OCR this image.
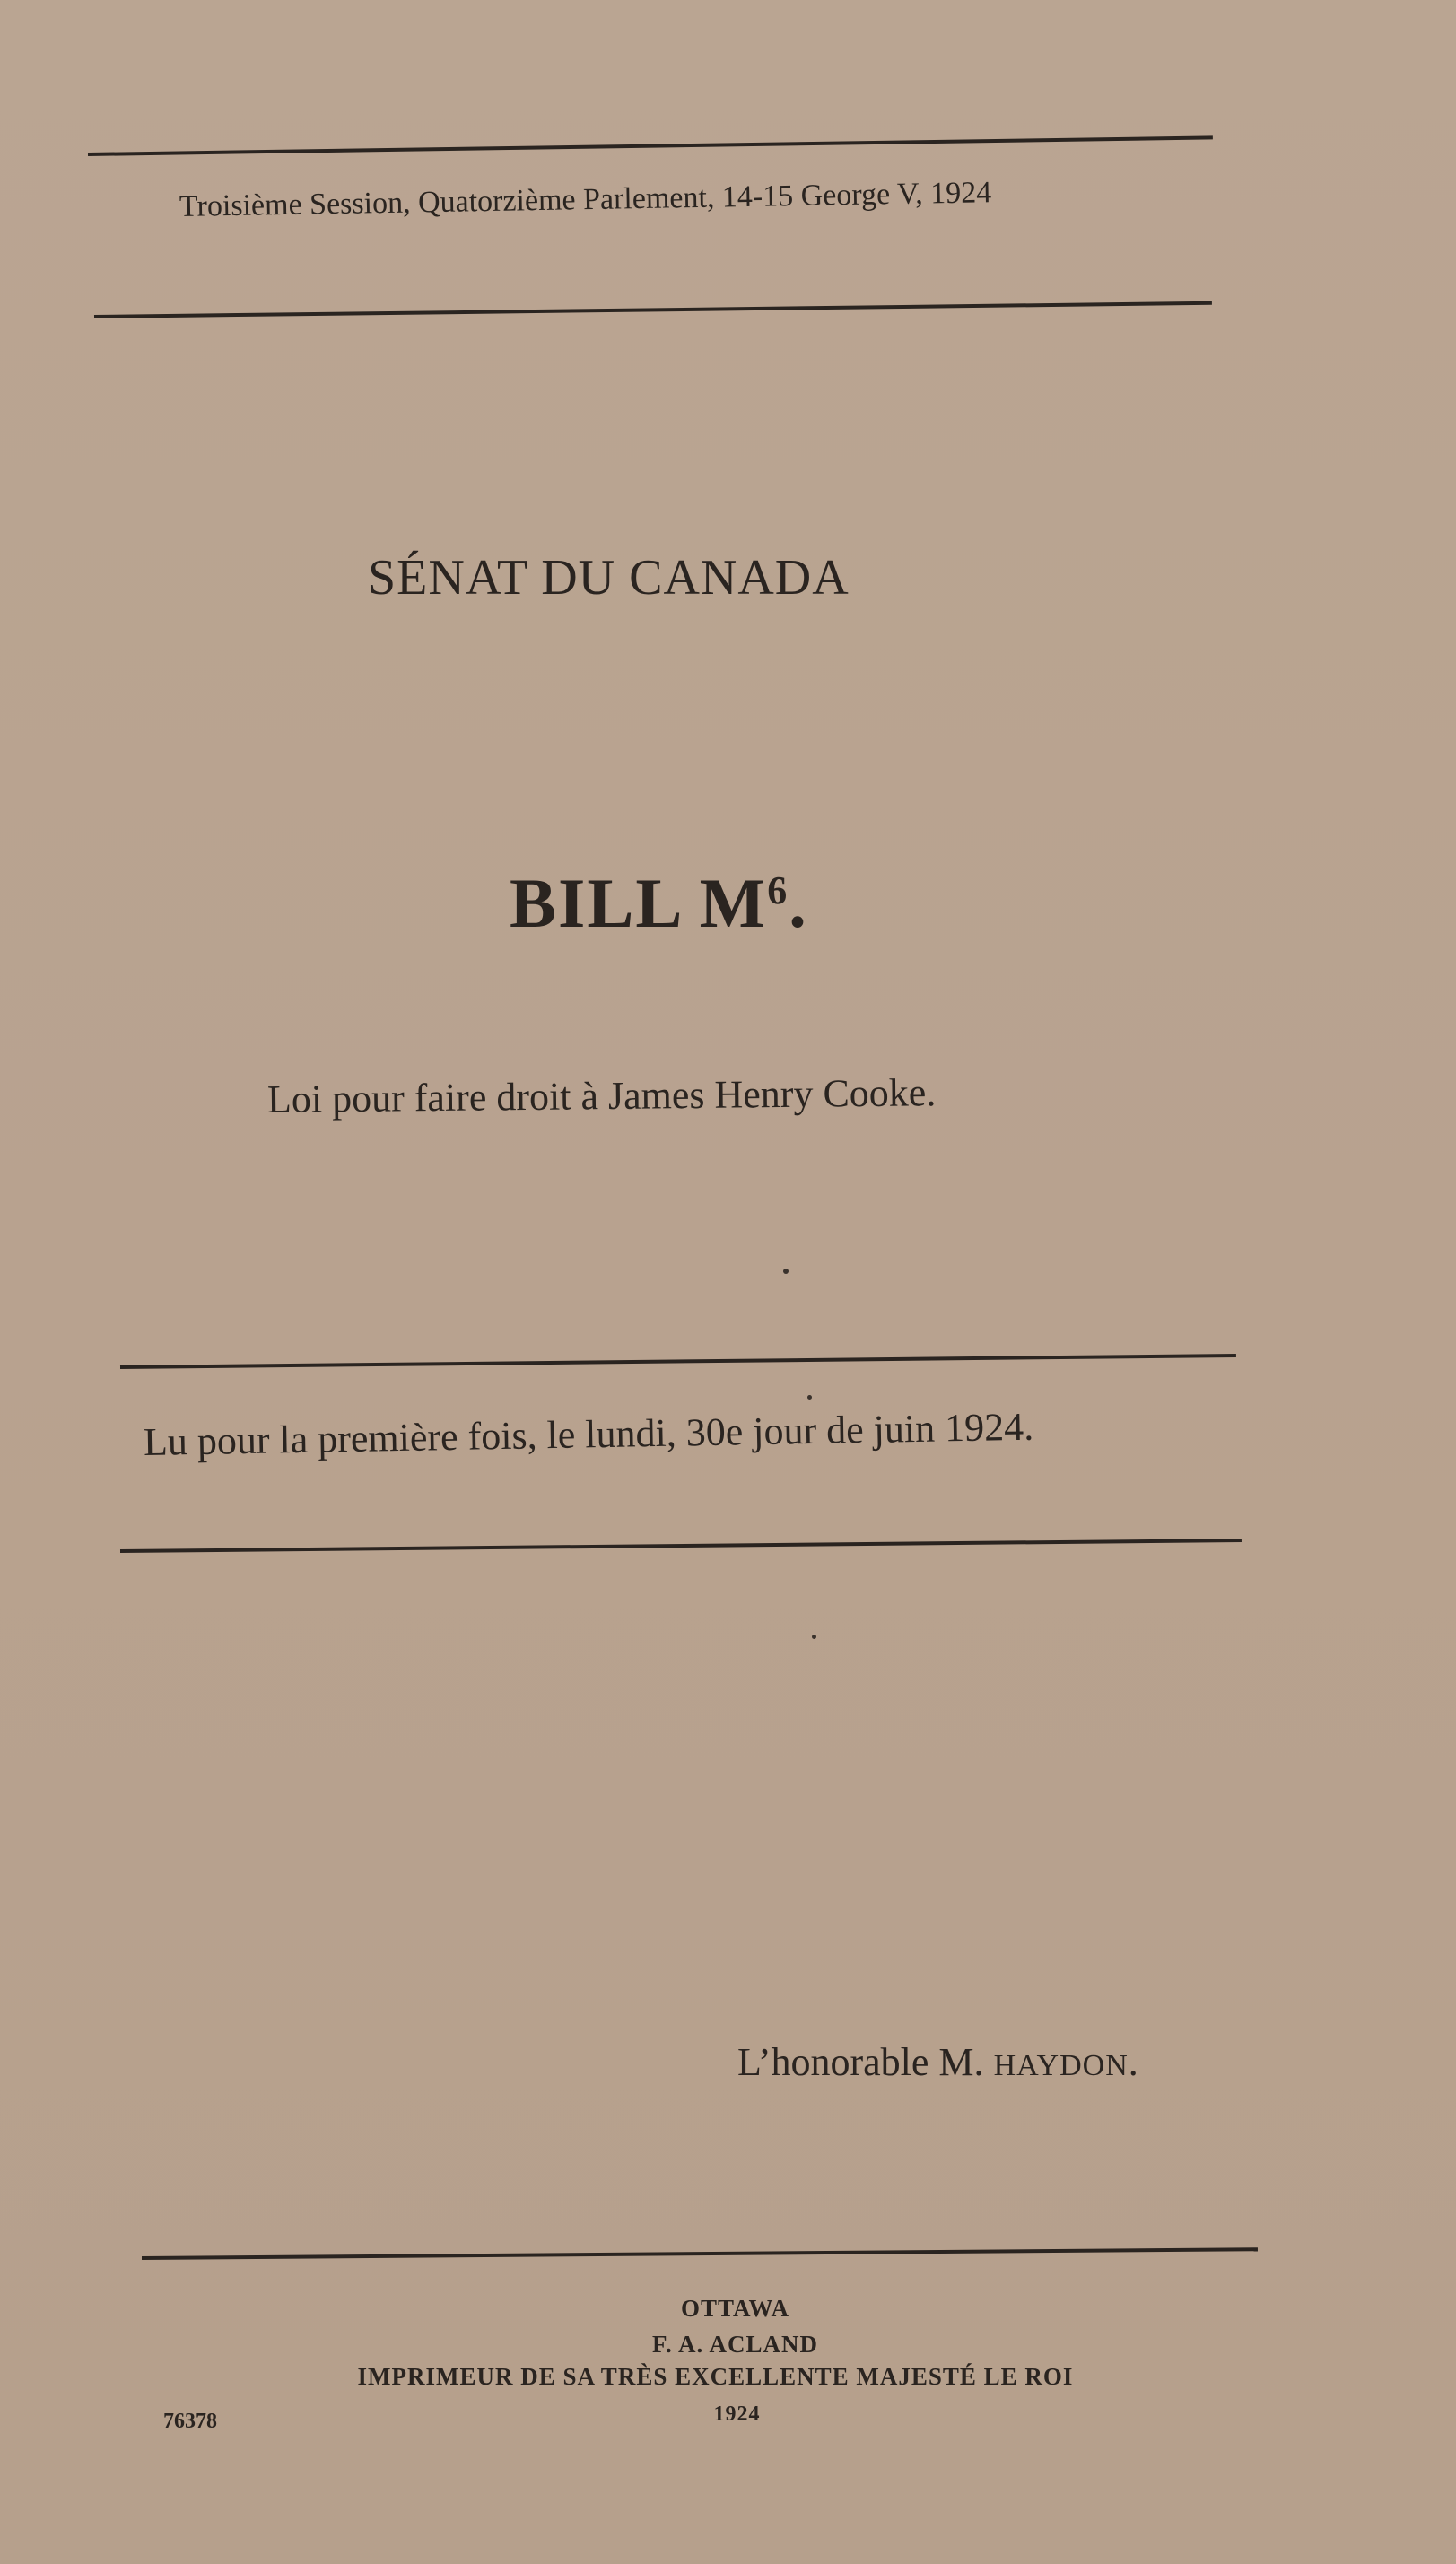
Troisième Session, Quatorzième Parlement, 14-15 George V, 1924
SÉNAT DU CANADA
BILL $M^6$.
Loi pour faire droit à James Henry Cooke.
Lu pour la première fois, le lundi, 30e jour de juin 1924.
L’honorable M. HAYDON.
OTTAWA
F. A. ACLAND
IMPRIMEUR DE SA TRÈS EXCELLENTE MAJESTÉ LE ROI
1924
76378
